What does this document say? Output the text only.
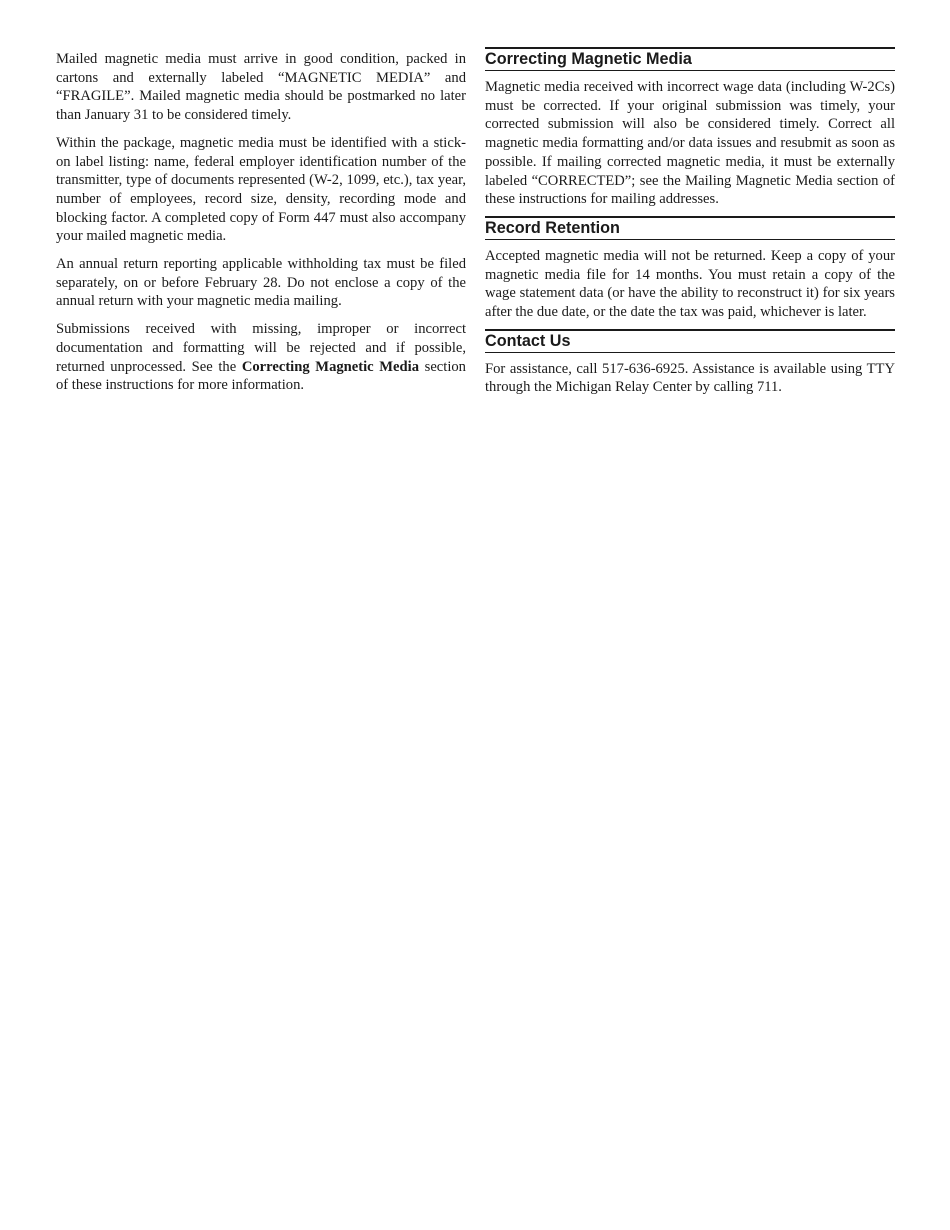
Mailed magnetic media must arrive in good condition, packed in cartons and externally labeled “MAGNETIC MEDIA” and “FRAGILE”. Mailed magnetic media should be postmarked no later than January 31 to be considered timely.

Within the package, magnetic media must be identified with a stick-on label listing: name, federal employer identification number of the transmitter, type of documents represented (W-2, 1099, etc.), tax year, number of employees, record size, density, recording mode and blocking factor. A completed copy of Form 447 must also accompany your mailed magnetic media.

An annual return reporting applicable withholding tax must be filed separately, on or before February 28. Do not enclose a copy of the annual return with your magnetic media mailing.

Submissions received with missing, improper or incorrect documentation and formatting will be rejected and if possible, returned unprocessed. See the Correcting Magnetic Media section of these instructions for more information.

Correcting Magnetic Media

Magnetic media received with incorrect wage data (including W-2Cs) must be corrected. If your original submission was timely, your corrected submission will also be considered timely. Correct all magnetic media formatting and/or data issues and resubmit as soon as possible. If mailing corrected magnetic media, it must be externally labeled “CORRECTED”; see the Mailing Magnetic Media section of these instructions for mailing addresses.

Record Retention

Accepted magnetic media will not be returned. Keep a copy of your magnetic media file for 14 months. You must retain a copy of the wage statement data (or have the ability to reconstruct it) for six years after the due date, or the date the tax was paid, whichever is later.

Contact Us

For assistance, call 517-636-6925. Assistance is available using TTY through the Michigan Relay Center by calling 711.
